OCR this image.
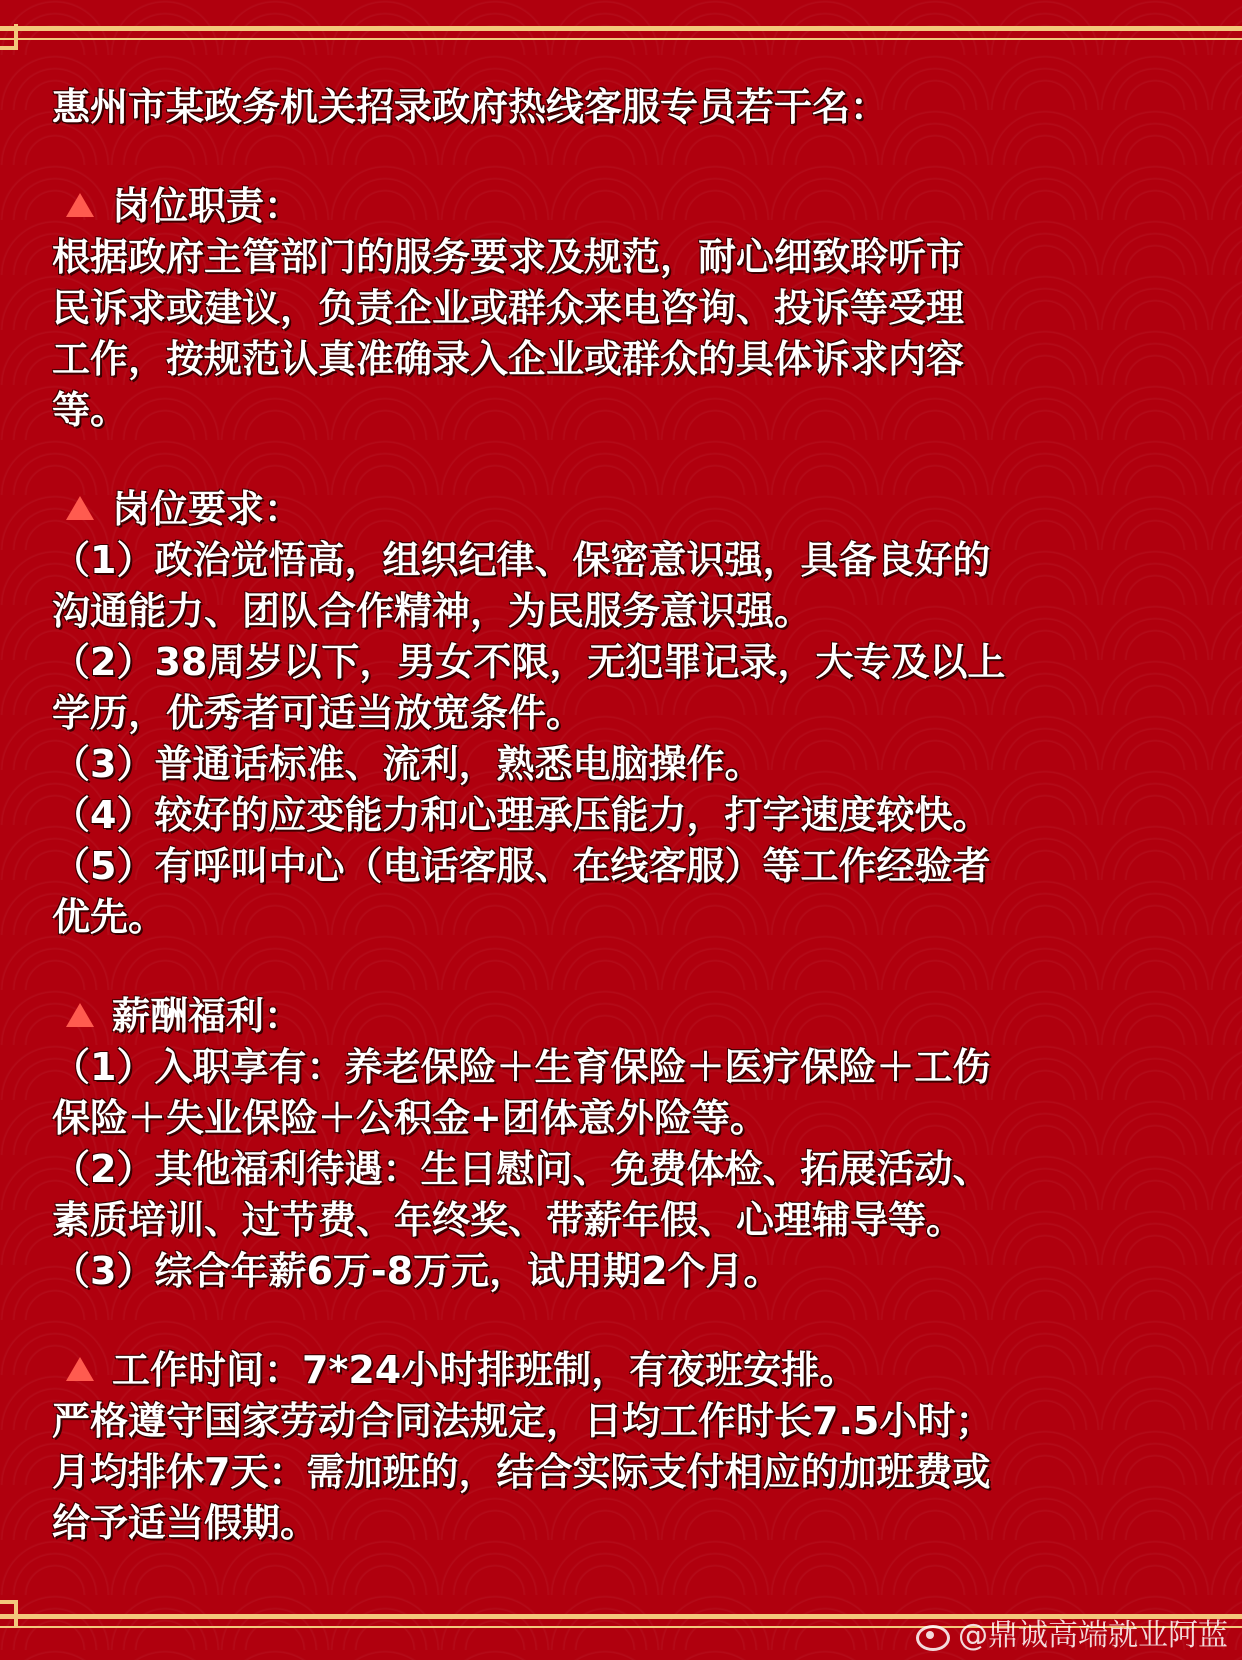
惠州市某政务机关招录政府热线客服专员若干名：
岗位职责：
根据政府主管部门的服务要求及规范，耐心细致聆听市
民诉求或建议，负责企业或群众来电咨询、投诉等受理
工作，按规范认真准确录入企业或群众的具体诉求内容
等。
岗位要求：
（1）政治觉悟高，组织纪律、保密意识强，具备良好的
沟通能力、团队合作精神，为民服务意识强。
（2）38周岁以下，男女不限，无犯罪记录，大专及以上
学历，优秀者可适当放宽条件。
（3）普通话标准、流利，熟悉电脑操作。
（4）较好的应变能力和心理承压能力，打字速度较快。
（5）有呼叫中心（电话客服、在线客服）等工作经验者
优先。
薪酬福利：
（1）入职享有：养老保险＋生育保险＋医疗保险＋工伤
保险＋失业保险＋公积金+团体意外险等。
（2）其他福利待遇：生日慰问、免费体检、拓展活动、
素质培训、过节费、年终奖、带薪年假、心理辅导等。
（3）综合年薪6万-8万元，试用期2个月。
工作时间：7*24小时排班制，有夜班安排。
严格遵守国家劳动合同法规定，日均工作时长7.5小时；
月均排休7天：需加班的，结合实际支付相应的加班费或
给予适当假期。
@鼎诚高端就业阿蓝
